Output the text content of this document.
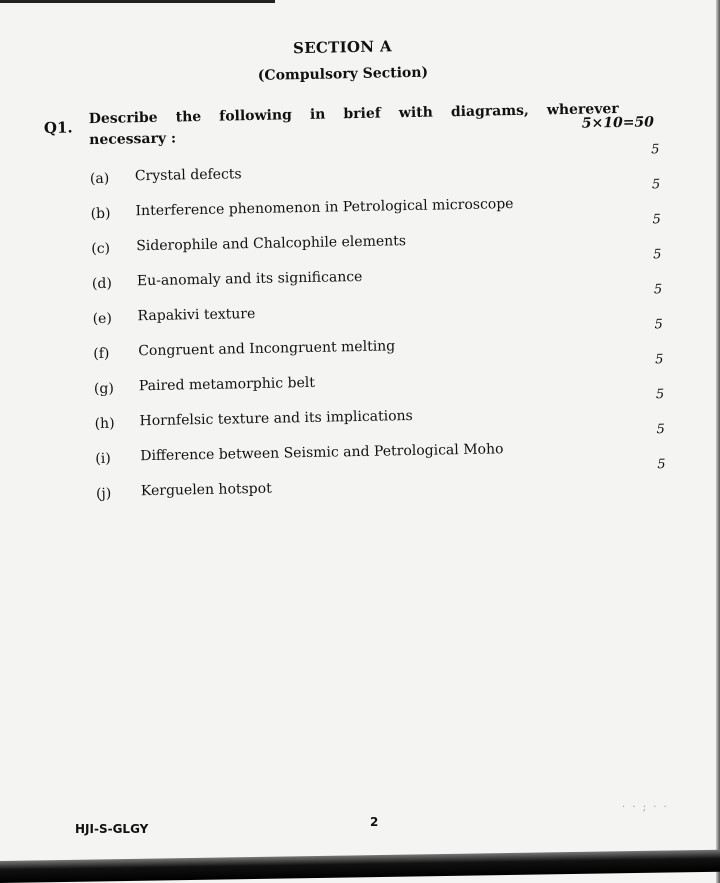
SECTION A
(Compulsory Section)
Q1. Describe the following in brief with diagrams, wherever
necessary :
5×10=50
(a)	Crystal defects
5
(b)	Interference phenomenon in Petrological microscope
5
(c)	Siderophile and Chalcophile elements
5
(d)	Eu-anomaly and its significance
5
(e)	Rapakivi texture
5
(f)	Congruent and Incongruent melting
5
(g)	Paired metamorphic belt
5
(h)	Hornfelsic texture and its implications
5
(i)	Difference between Seismic and Petrological Moho
5
(j)	Kerguelen hotspot
5
HJI-S-GLGY	2
· · ; · ·
